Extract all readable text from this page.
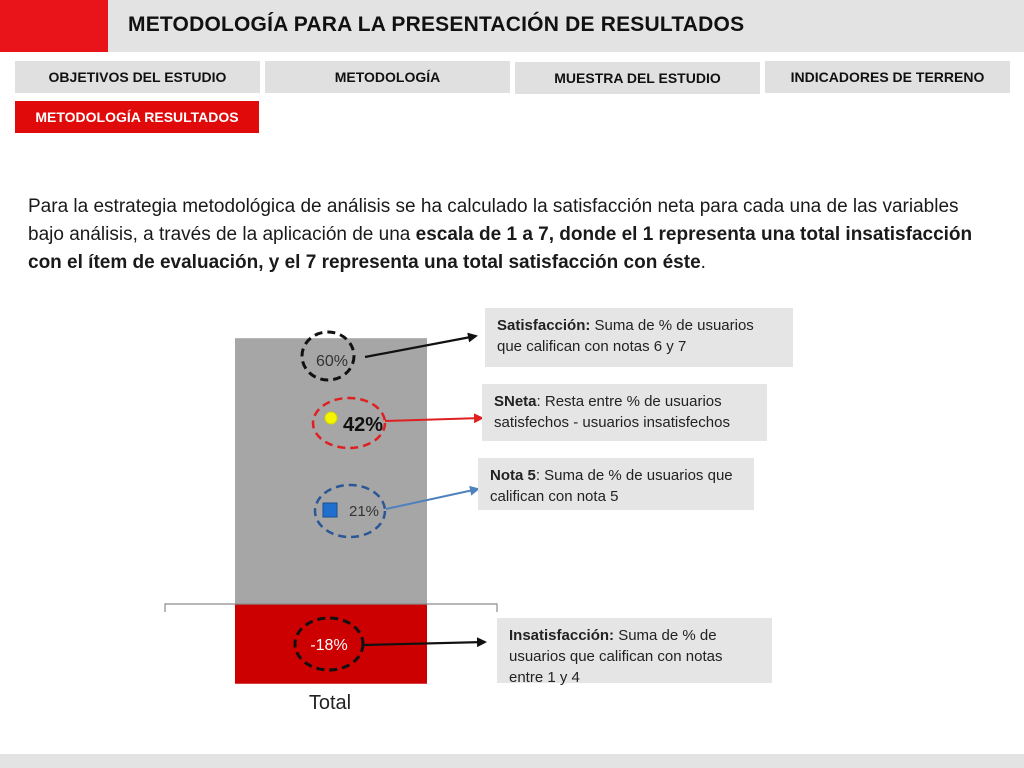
METODOLOGÍA PARA LA PRESENTACIÓN DE RESULTADOS
OBJETIVOS DEL ESTUDIO	METODOLOGÍA	MUESTRA DEL ESTUDIO	INDICADORES DE TERRENO
METODOLOGÍA RESULTADOS
Para la estrategia metodológica de análisis se ha calculado la satisfacción neta para cada una de las variables bajo análisis, a través de la aplicación de una escala de 1 a 7, donde el 1 representa una total insatisfacción con el ítem de evaluación, y el 7 representa una total satisfacción con éste.
Total
60%
42%
21%
-18%
Satisfacción: Suma de % de usuarios que califican con notas 6 y 7
SNeta: Resta entre % de usuarios satisfechos - usuarios insatisfechos
Nota 5: Suma de % de usuarios que califican con nota 5
Insatisfacción: Suma de % de usuarios que califican con notas entre 1 y 4
